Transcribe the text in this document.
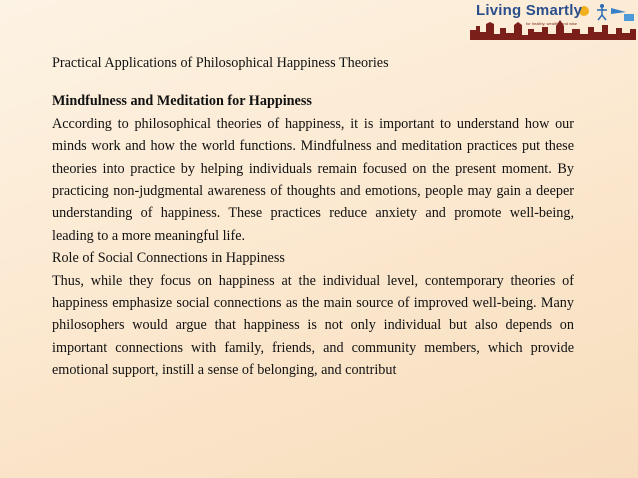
Living Smartly
for healthy, wealthy and wise

Practical Applications of Philosophical Happiness Theories

Mindfulness and Meditation for Happiness

According to philosophical theories of happiness, it is important to understand how our minds work and how the world functions. Mindfulness and meditation practices put these theories into practice by helping individuals remain focused on the present moment. By practicing non-judgmental awareness of thoughts and emotions, people may gain a deeper understanding of happiness. These practices reduce anxiety and promote well-being, leading to a more meaningful life.

Role of Social Connections in Happiness

Thus, while they focus on happiness at the individual level, contemporary theories of happiness emphasize social connections as the main source of improved well-being. Many philosophers would argue that happiness is not only individual but also depends on important connections with family, friends, and community members, which provide emotional support, instill a sense of belonging, and contribut
